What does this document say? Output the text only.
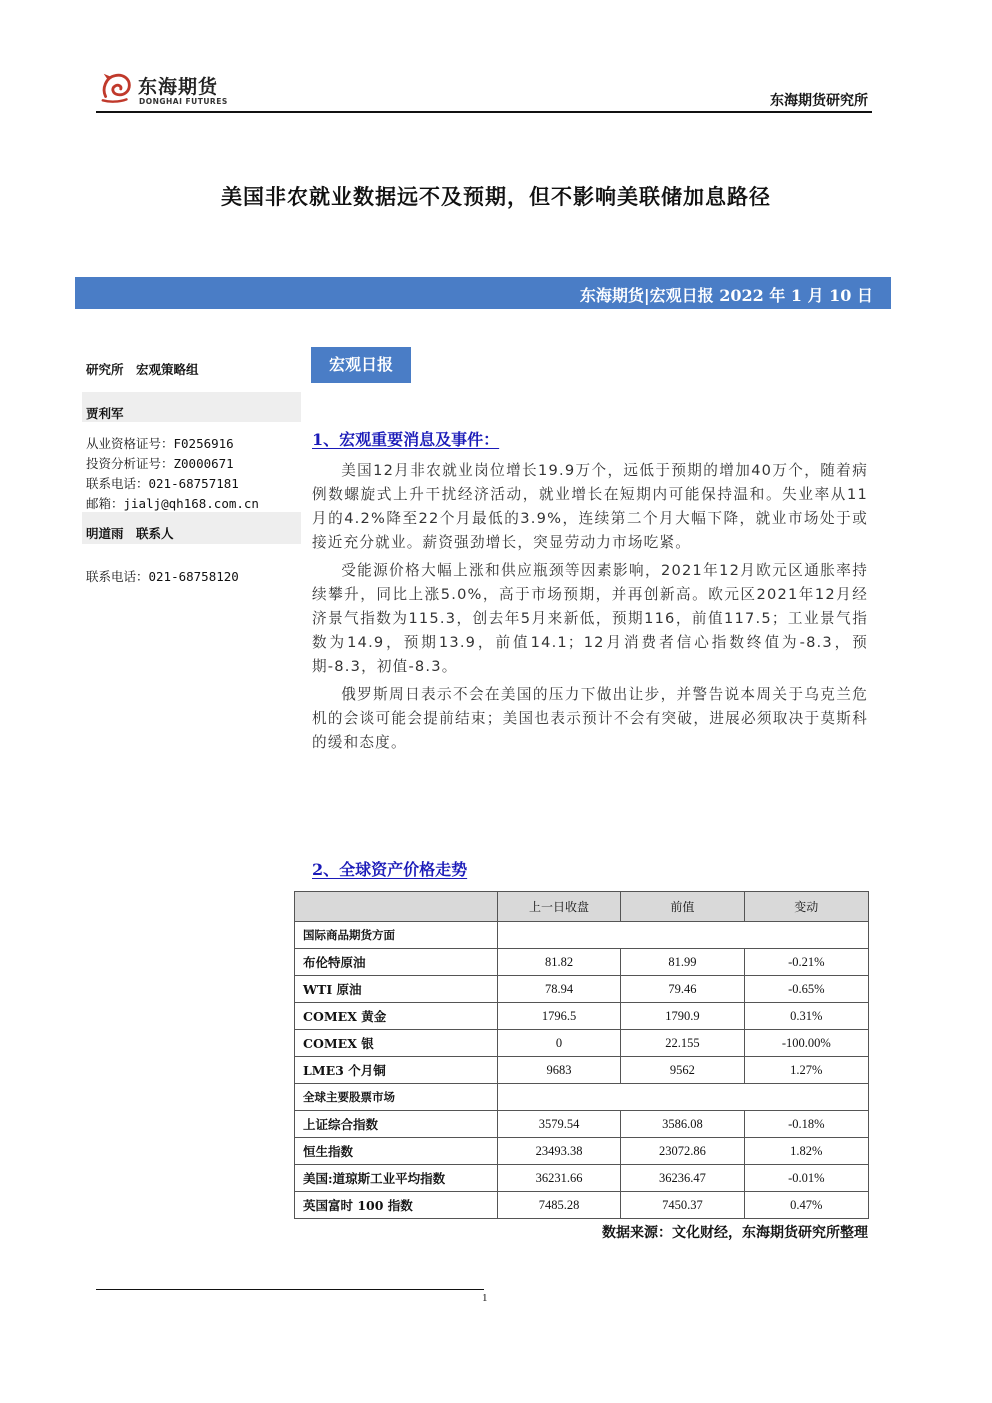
东海期货
DONGHAI FUTURES	东海期货研究所
美国非农就业数据远不及预期，但不影响美联储加息路径
东海期货|宏观日报 2022 年 1 月 10 日
研究所　宏观策略组
贾利军
从业资格证号：F0256916
投资分析证号：Z0000671
联系电话：021-68757181
邮箱：jialj@qh168.com.cn
明道雨　联系人
联系电话：021-68758120
宏观日报
1、宏观重要消息及事件：

美国12月非农就业岗位增长19.9万个，远低于预期的增加40万个，随着病例数螺旋式上升干扰经济活动，就业增长在短期内可能保持温和。失业率从11月的4.2%降至22个月最低的3.9%，连续第二个月大幅下降，就业市场处于或接近充分就业。薪资强劲增长，突显劳动力市场吃紧。

受能源价格大幅上涨和供应瓶颈等因素影响，2021年12月欧元区通胀率持续攀升，同比上涨5.0%，高于市场预期，并再创新高。欧元区2021年12月经济景气指数为115.3，创去年5月来新低，预期116，前值117.5；工业景气指数为14.9，预期13.9，前值14.1；12月消费者信心指数终值为-8.3，预期-8.3，初值-8.3。

俄罗斯周日表示不会在美国的压力下做出让步，并警告说本周关于乌克兰危机的会谈可能会提前结束；美国也表示预计不会有突破，进展必须取决于莫斯科的缓和态度。

2、全球资产价格走势
	上一日收盘	前值	变动
国际商品期货方面			
布伦特原油	81.82	81.99	-0.21%
WTI 原油	78.94	79.46	-0.65%
COMEX 黄金	1796.5	1790.9	0.31%
COMEX 银	0	22.155	-100.00%
LME3 个月铜	9683	9562	1.27%
全球主要股票市场			
上证综合指数	3579.54	3586.08	-0.18%
恒生指数	23493.38	23072.86	1.82%
美国:道琼斯工业平均指数	36231.66	36236.47	-0.01%
英国富时 100 指数	7485.28	7450.37	0.47%
数据来源：文化财经，东海期货研究所整理
1
